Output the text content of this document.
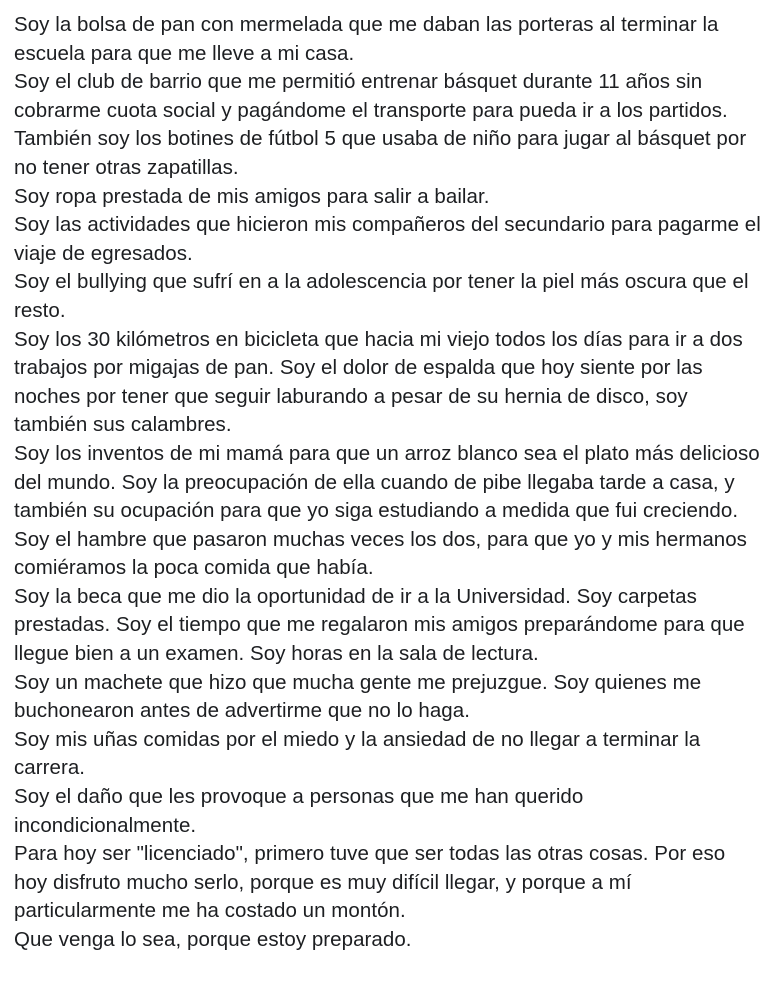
Soy la bolsa de pan con mermelada que me daban las porteras al terminar la escuela para que me lleve a mi casa.

Soy el club de barrio que me permitió entrenar básquet durante 11 años sin cobrarme cuota social y pagándome el transporte para pueda ir a los partidos. También soy los botines de fútbol 5 que usaba de niño para jugar al básquet por no tener otras zapatillas.

Soy ropa prestada de mis amigos para salir a bailar.

Soy las actividades que hicieron mis compañeros del secundario para pagarme el viaje de egresados.

Soy el bullying que sufrí en a la adolescencia por tener la piel más oscura que el resto.

Soy los 30 kilómetros en bicicleta que hacia mi viejo todos los días para ir a dos trabajos por migajas de pan. Soy el dolor de espalda que hoy siente por las noches por tener que seguir laburando a pesar de su hernia de disco, soy también sus calambres.

Soy los inventos de mi mamá para que un arroz blanco sea el plato más delicioso del mundo. Soy la preocupación de ella cuando de pibe llegaba tarde a casa, y también su ocupación para que yo siga estudiando a medida que fui creciendo.

Soy el hambre que pasaron muchas veces los dos, para que yo y mis hermanos comiéramos la poca comida que había.

Soy la beca que me dio la oportunidad de ir a la Universidad. Soy carpetas prestadas. Soy el tiempo que me regalaron mis amigos preparándome para que llegue bien a un examen. Soy horas en la sala de lectura.

Soy un machete que hizo que mucha gente me prejuzgue. Soy quienes me buchonearon antes de advertirme que no lo haga.

Soy mis uñas comidas por el miedo y la ansiedad de no llegar a terminar la carrera.

Soy el daño que les provoque a personas que me han querido incondicionalmente.

Para hoy ser "licenciado", primero tuve que ser todas las otras cosas. Por eso hoy disfruto mucho serlo, porque es muy difícil llegar, y porque a mí particularmente me ha costado un montón.

Que venga lo sea, porque estoy preparado.
